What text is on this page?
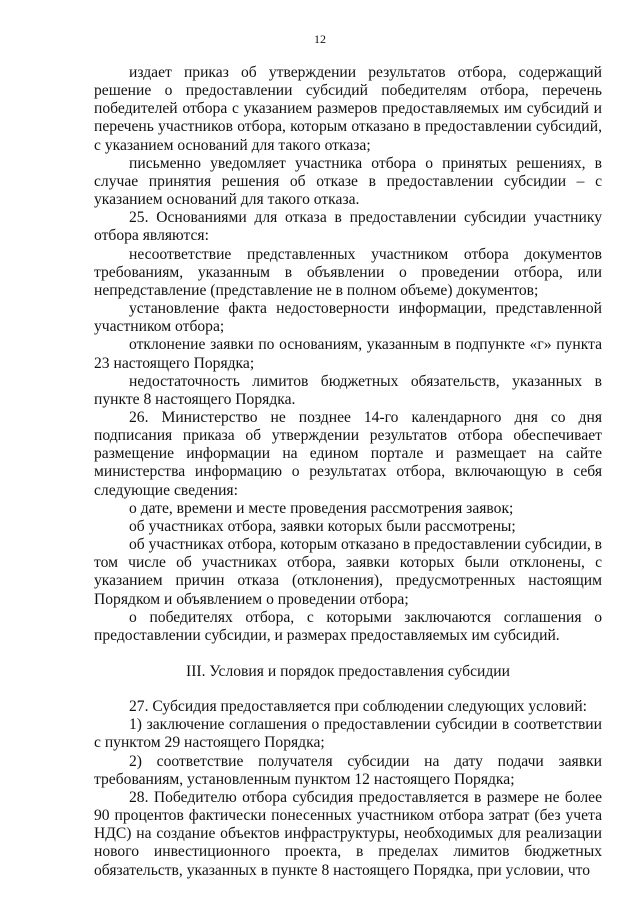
12

издает приказ об утверждении результатов отбора, содержащий решение о предоставлении субсидий победителям отбора, перечень победителей отбора с указанием размеров предоставляемых им субсидий и перечень участников отбора, которым отказано в предоставлении субсидий, с указанием оснований для такого отказа;

письменно уведомляет участника отбора о принятых решениях, в случае принятия решения об отказе в предоставлении субсидии – с указанием оснований для такого отказа.

25. Основаниями для отказа в предоставлении субсидии участнику отбора являются:

несоответствие представленных участником отбора документов требованиям, указанным в объявлении о проведении отбора, или непредставление (представление не в полном объеме) документов;

установление факта недостоверности информации, представленной участником отбора;

отклонение заявки по основаниям, указанным в подпункте «г» пункта 23 настоящего Порядка;

недостаточность лимитов бюджетных обязательств, указанных в пункте 8 настоящего Порядка.

26. Министерство не позднее 14-го календарного дня со дня подписания приказа об утверждении результатов отбора обеспечивает размещение информации на едином портале и размещает на сайте министерства информацию о результатах отбора, включающую в себя следующие сведения:

о дате, времени и месте проведения рассмотрения заявок;

об участниках отбора, заявки которых были рассмотрены;

об участниках отбора, которым отказано в предоставлении субсидии, в том числе об участниках отбора, заявки которых были отклонены, с указанием причин отказа (отклонения), предусмотренных настоящим Порядком и объявлением о проведении отбора;

о победителях отбора, с которыми заключаются соглашения о предоставлении субсидии, и размерах предоставляемых им субсидий.

III. Условия и порядок предоставления субсидии

27. Субсидия предоставляется при соблюдении следующих условий:

1) заключение соглашения о предоставлении субсидии в соответствии с пунктом 29 настоящего Порядка;

2) соответствие получателя субсидии на дату подачи заявки требованиям, установленным пунктом 12 настоящего Порядка;

28. Победителю отбора субсидия предоставляется в размере не более 90 процентов фактически понесенных участником отбора затрат (без учета НДС) на создание объектов инфраструктуры, необходимых для реализации нового инвестиционного проекта, в пределах лимитов бюджетных обязательств, указанных в пункте 8 настоящего Порядка, при условии, что
